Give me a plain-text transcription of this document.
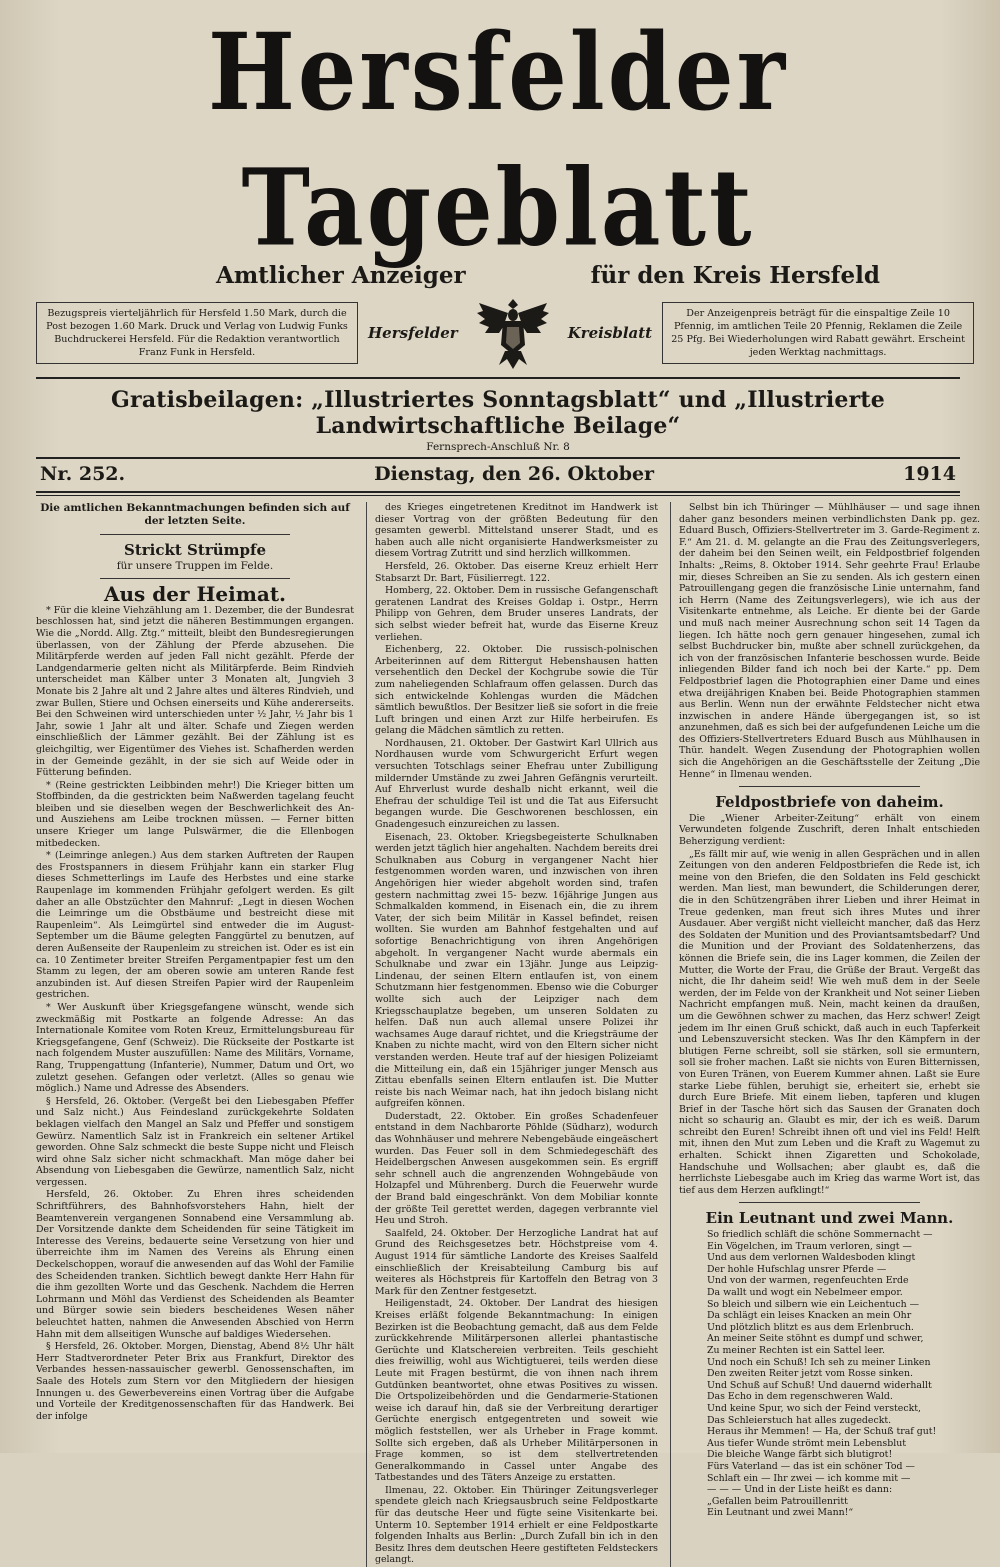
Hersfelder Tageblatt
Amtlicher Anzeiger	für den Kreis Hersfeld
Bezugspreis vierteljährlich für Hersfeld 1.50 Mark, durch die Post bezogen 1.60 Mark. Druck und Verlag von Ludwig Funks Buchdruckerei Hersfeld. Für die Redaktion verantwortlich Franz Funk in Hersfeld.
Hersfelder	Kreisblatt
Der Anzeigenpreis beträgt für die einspaltige Zeile 10 Pfennig, im amtlichen Teile 20 Pfennig, Reklamen die Zeile 25 Pfg. Bei Wiederholungen wird Rabatt gewährt. Erscheint jeden Werktag nachmittags.
Gratisbeilagen: „Illustriertes Sonntagsblatt“ und „Illustrierte Landwirtschaftliche Beilage“
Fernsprech-Anschluß Nr. 8
Nr. 252.	Dienstag, den 26. Oktober	1914

Die amtlichen Bekanntmachungen befinden sich auf der letzten Seite.

Strickt Strümpfe
für unsere Truppen im Felde.
Aus der Heimat.

* Für die kleine Viehzählung am 1. Dezember, die der Bundesrat beschlossen hat, sind jetzt die näheren Bestimmungen ergangen. Wie die „Nordd. Allg. Ztg.“ mitteilt, bleibt den Bundesregierungen überlassen, von der Zählung der Pferde abzusehen. Die Militärpferde werden auf jeden Fall nicht gezählt. Pferde der Landgendarmerie gelten nicht als Militärpferde. Beim Rindvieh unterscheidet man Kälber unter 3 Monaten alt, Jungvieh 3 Monate bis 2 Jahre alt und 2 Jahre altes und älteres Rindvieh, und zwar Bullen, Stiere und Ochsen einerseits und Kühe andererseits. Bei den Schweinen wird unterschieden unter ½ Jahr, ½ Jahr bis 1 Jahr, sowie 1 Jahr alt und älter. Schafe und Ziegen werden einschließlich der Lämmer gezählt. Bei der Zählung ist es gleichgiltig, wer Eigentümer des Viehes ist. Schafherden werden in der Gemeinde gezählt, in der sie sich auf Weide oder in Fütterung befinden.

* (Reine gestrickten Leibbinden mehr!) Die Krieger bitten um Stoffbinden, da die gestrickten beim Naßwerden tagelang feucht bleiben und sie dieselben wegen der Beschwerlichkeit des An- und Ausziehens am Leibe trocknen müssen. — Ferner bitten unsere Krieger um lange Pulswärmer, die die Ellenbogen mitbedecken.

* (Leimringe anlegen.) Aus dem starken Auftreten der Raupen des Frostspanners in diesem Frühjahr kann ein starker Flug dieses Schmetterlings im Laufe des Herbstes und eine starke Raupenlage im kommenden Frühjahr gefolgert werden. Es gilt daher an alle Obstzüchter den Mahnruf: „Legt in diesen Wochen die Leimringe um die Obstbäume und bestreicht diese mit Raupenleim“. Als Leimgürtel sind entweder die im August-September um die Bäume gelegten Fanggürtel zu benutzen, auf deren Außenseite der Raupenleim zu streichen ist. Oder es ist ein ca. 10 Zentimeter breiter Streifen Pergamentpapier fest um den Stamm zu legen, der am oberen sowie am unteren Rande fest anzubinden ist. Auf diesen Streifen Papier wird der Raupenleim gestrichen.

* Wer Auskunft über Kriegsgefangene wünscht, wende sich zweckmäßig mit Postkarte an folgende Adresse: An das Internationale Komitee vom Roten Kreuz, Ermittelungsbureau für Kriegsgefangene, Genf (Schweiz). Die Rückseite der Postkarte ist nach folgendem Muster auszufüllen: Name des Militärs, Vorname, Rang, Truppengattung (Infanterie), Nummer, Datum und Ort, wo zuletzt gesehen. Gefangen oder verletzt. (Alles so genau wie möglich.) Name und Adresse des Absenders.

§ Hersfeld, 26. Oktober. (Vergeßt bei den Liebesgaben Pfeffer und Salz nicht.) Aus Feindesland zurückgekehrte Soldaten beklagen vielfach den Mangel an Salz und Pfeffer und sonstigem Gewürz. Namentlich Salz ist in Frankreich ein seltener Artikel geworden. Ohne Salz schmeckt die beste Suppe nicht und Fleisch wird ohne Salz sicher nicht schmackhaft. Man möge daher bei Absendung von Liebesgaben die Gewürze, namentlich Salz, nicht vergessen.

Hersfeld, 26. Oktober. Zu Ehren ihres scheidenden Schriftführers, des Bahnhofsvorstehers Hahn, hielt der Beamtenverein vergangenen Sonnabend eine Versammlung ab. Der Vorsitzende dankte dem Scheidenden für seine Tätigkeit im Interesse des Vereins, bedauerte seine Versetzung von hier und überreichte ihm im Namen des Vereins als Ehrung einen Deckelschoppen, worauf die anwesenden auf das Wohl der Familie des Scheidenden tranken. Sichtlich bewegt dankte Herr Hahn für die ihm gezollten Worte und das Geschenk. Nachdem die Herren Lohrmann und Möhl das Verdienst des Scheidenden als Beamter und Bürger sowie sein bieders bescheidenes Wesen näher beleuchtet hatten, nahmen die Anwesenden Abschied von Herrn Hahn mit dem allseitigen Wunsche auf baldiges Wiedersehen.

§ Hersfeld, 26. Oktober. Morgen, Dienstag, Abend 8½ Uhr hält Herr Stadtverordneter Peter Brix aus Frankfurt, Direktor des Verbandes hessen-nassauischer gewerbl. Genossenschaften, im Saale des Hotels zum Stern vor den Mitgliedern der hiesigen Innungen u. des Gewerbevereins einen Vortrag über die Aufgabe und Vorteile der Kreditgenossenschaften für das Handwerk. Bei der infolge

des Krieges eingetretenen Kreditnot im Handwerk ist dieser Vortrag von der größten Bedeutung für den gesamten gewerbl. Mittelstand unserer Stadt, und es haben auch alle nicht organisierte Handwerksmeister zu diesem Vortrag Zutritt und sind herzlich willkommen.

Hersfeld, 26. Oktober. Das eiserne Kreuz erhielt Herr Stabsarzt Dr. Bart, Füsilierregt. 122.

Homberg, 22. Oktober. Dem in russische Gefangenschaft geratenen Landrat des Kreises Goldap i. Ostpr., Herrn Philipp von Gehren, dem Bruder unseres Landrats, der sich selbst wieder befreit hat, wurde das Eiserne Kreuz verliehen.

Eichenberg, 22. Oktober. Die russisch-polnischen Arbeiterinnen auf dem Rittergut Hebenshausen hatten versehentlich den Deckel der Kochgrube sowie die Tür zum naheliegenden Schlafraum offen gelassen. Durch das sich entwickelnde Kohlengas wurden die Mädchen sämtlich bewußtlos. Der Besitzer ließ sie sofort in die freie Luft bringen und einen Arzt zur Hilfe herbeirufen. Es gelang die Mädchen sämtlich zu retten.

Nordhausen, 21. Oktober. Der Gastwirt Karl Ullrich aus Nordhausen wurde vom Schwurgericht Erfurt wegen versuchten Totschlags seiner Ehefrau unter Zubilligung mildernder Umstände zu zwei Jahren Gefängnis verurteilt. Auf Ehrverlust wurde deshalb nicht erkannt, weil die Ehefrau der schuldige Teil ist und die Tat aus Eifersucht begangen wurde. Die Geschworenen beschlossen, ein Gnadengesuch einzureichen zu lassen.

Eisenach, 23. Oktober. Kriegsbegeisterte Schulknaben werden jetzt täglich hier angehalten. Nachdem bereits drei Schulknaben aus Coburg in vergangener Nacht hier festgenommen worden waren, und inzwischen von ihren Angehörigen hier wieder abgeholt worden sind, trafen gestern nachmittag zwei 15- bezw. 16jährige Jungen aus Schmalkalden kommend, in Eisenach ein, die zu ihrem Vater, der sich beim Militär in Kassel befindet, reisen wollten. Sie wurden am Bahnhof festgehalten und auf sofortige Benachrichtigung von ihren Angehörigen abgeholt. In vergangener Nacht wurde abermals ein Schulknabe und zwar ein 13jähr. Junge aus Leipzig-Lindenau, der seinen Eltern entlaufen ist, von einem Schutzmann hier festgenommen. Ebenso wie die Coburger wollte sich auch der Leipziger nach dem Kriegsschauplatze begeben, um unseren Soldaten zu helfen. Daß nun auch allemal unsere Polizei ihr wachsames Auge darauf richtet, und die Kriegsträume der Knaben zu nichte macht, wird von den Eltern sicher nicht verstanden werden. Heute traf auf der hiesigen Polizeiamt die Mitteilung ein, daß ein 15jähriger junger Mensch aus Zittau ebenfalls seinen Eltern entlaufen ist. Die Mutter reiste bis nach Weimar nach, hat ihn jedoch bislang nicht aufgreifen können.

Duderstadt, 22. Oktober. Ein großes Schadenfeuer entstand in dem Nachbarorte Pöhlde (Südharz), wodurch das Wohnhäuser und mehrere Nebengebäude eingeäschert wurden. Das Feuer soll in dem Schmiedegeschäft des Heidelbergschen Anwesen ausgekommen sein. Es ergriff sehr schnell auch die angrenzenden Wohngebäude von Holzapfel und Mührenberg. Durch die Feuerwehr wurde der Brand bald eingeschränkt. Von dem Mobiliar konnte der größte Teil gerettet werden, dagegen verbrannte viel Heu und Stroh.

Saalfeld, 24. Oktober. Der Herzogliche Landrat hat auf Grund des Reichsgesetzes betr. Höchstpreise vom 4. August 1914 für sämtliche Landorte des Kreises Saalfeld einschließlich der Kreisabteilung Camburg bis auf weiteres als Höchstpreis für Kartoffeln den Betrag von 3 Mark für den Zentner festgesetzt.

Heiligenstadt, 24. Oktober. Der Landrat des hiesigen Kreises erläßt folgende Bekanntmachung: In einigen Bezirken ist die Beobachtung gemacht, daß aus dem Felde zurückkehrende Militärpersonen allerlei phantastische Gerüchte und Klatschereien verbreiten. Teils geschieht dies freiwillig, wohl aus Wichtigtuerei, teils werden diese Leute mit Fragen bestürmt, die von ihnen nach ihrem Gutdünken beantwortet, ohne etwas Positives zu wissen. Die Ortspolizeibehörden und die Gendarmerie-Stationen weise ich darauf hin, daß sie der Verbreitung derartiger Gerüchte energisch entgegentreten und soweit wie möglich feststellen, wer als Urheber in Frage kommt. Sollte sich ergeben, daß als Urheber Militärpersonen in Frage kommen, so ist dem stellvertretenden Generalkommando in Cassel unter Angabe des Tatbestandes und des Täters Anzeige zu erstatten.

Ilmenau, 22. Oktober. Ein Thüringer Zeitungsverleger spendete gleich nach Kriegsausbruch seine Feldpostkarte für das deutsche Heer und fügte seine Visitenkarte bei. Unterm 10. September 1914 erhielt er eine Feldpostkarte folgenden Inhalts aus Berlin: „Durch Zufall bin ich in den Besitz Ihres dem deutschen Heere gestifteten Feldsteckers gelangt.

Selbst bin ich Thüringer — Mühlhäuser — und sage ihnen daher ganz besonders meinen verbindlichsten Dank pp. gez. Eduard Busch, Offiziers-Stellvertreter im 3. Garde-Regiment z. F.“ Am 21. d. M. gelangte an die Frau des Zeitungsverlegers, der daheim bei den Seinen weilt, ein Feldpostbrief folgenden Inhalts: „Reims, 8. Oktober 1914. Sehr geehrte Frau! Erlaube mir, dieses Schreiben an Sie zu senden. Als ich gestern einen Patrouillengang gegen die französische Linie unternahm, fand ich Herrn (Name des Zeitungsverlegers), wie ich aus der Visitenkarte entnehme, als Leiche. Er diente bei der Garde und muß nach meiner Ausrechnung schon seit 14 Tagen da liegen. Ich hätte noch gern genauer hingesehen, zumal ich selbst Buchdrucker bin, mußte aber schnell zurückgehen, da ich von der französischen Infanterie beschossen wurde. Beide inliegenden Bilder fand ich noch bei der Karte.“ pp. Dem Feldpostbrief lagen die Photographien einer Dame und eines etwa dreijährigen Knaben bei. Beide Photographien stammen aus Berlin. Wenn nun der erwähnte Feldstecher nicht etwa inzwischen in andere Hände übergegangen ist, so ist anzunehmen, daß es sich bei der aufgefundenen Leiche um die des Offiziers-Stellvertreters Eduard Busch aus Mühlhausen in Thür. handelt. Wegen Zusendung der Photographien wollen sich die Angehörigen an die Geschäftsstelle der Zeitung „Die Henne“ in Ilmenau wenden.

Feldpostbriefe von daheim.

Die „Wiener Arbeiter-Zeitung“ erhält von einem Verwundeten folgende Zuschrift, deren Inhalt entschieden Beherzigung verdient:

„Es fällt mir auf, wie wenig in allen Gesprächen und in allen Zeitungen von den anderen Feldpostbriefen die Rede ist, ich meine von den Briefen, die den Soldaten ins Feld geschickt werden. Man liest, man bewundert, die Schilderungen derer, die in den Schützengräben ihrer Lieben und ihrer Heimat in Treue gedenken, man freut sich ihres Mutes und ihrer Ausdauer. Aber vergißt nicht vielleicht mancher, daß das Herz des Soldaten der Munition und des Proviantsamtsbedarf? Und die Munition und der Proviant des Soldatenherzens, das können die Briefe sein, die ins Lager kommen, die Zeilen der Mutter, die Worte der Frau, die Grüße der Braut. Vergeßt das nicht, die Ihr daheim seid! Wie weh muß dem in der Seele werden, der im Felde von der Krankheit und Not seiner Lieben Nachricht empfangen muß. Nein, macht keinen da draußen, um die Gewöhnen schwer zu machen, das Herz schwer! Zeigt jedem im Ihr einen Gruß schickt, daß auch in euch Tapferkeit und Lebenszuversicht stecken. Was Ihr den Kämpfern in der blutigen Ferne schreibt, soll sie stärken, soll sie ermuntern, soll sie froher machen. Laßt sie nichts von Euren Bitternissen, von Euren Tränen, von Euerem Kummer ahnen. Laßt sie Eure starke Liebe fühlen, beruhigt sie, erheitert sie, erhebt sie durch Eure Briefe. Mit einem lieben, tapferen und klugen Brief in der Tasche hört sich das Sausen der Granaten doch nicht so schaurig an. Glaubt es mir, der ich es weiß. Darum schreibt den Euren! Schreibt ihnen oft und viel ins Feld! Helft mit, ihnen den Mut zum Leben und die Kraft zu Wagemut zu erhalten. Schickt ihnen Zigaretten und Schokolade, Handschuhe und Wollsachen; aber glaubt es, daß die herrlichste Liebesgabe auch im Krieg das warme Wort ist, das tief aus dem Herzen aufklingt!“

Ein Leutnant und zwei Mann.

So friedlich schläft die schöne Sommernacht —

Ein Vögelchen, im Traum verloren, singt —

Und aus dem verlornen Waldesboden klingt

Der hohle Hufschlag unsrer Pferde —

Und von der warmen, regenfeuchten Erde

Da wallt und wogt ein Nebelmeer empor.

So bleich und silbern wie ein Leichentuch —

Da schlägt ein leises Knacken an mein Ohr

Und plötzlich blitzt es aus dem Erlenbruch.

An meiner Seite stöhnt es dumpf und schwer,

Zu meiner Rechten ist ein Sattel leer.

Und noch ein Schuß! Ich seh zu meiner Linken

Den zweiten Reiter jetzt vom Rosse sinken.

Und Schuß auf Schuß! Und dauernd widerhallt

Das Echo in dem regenschweren Wald.

Und keine Spur, wo sich der Feind versteckt,

Das Schleierstuch hat alles zugedeckt.

Heraus ihr Memmen! — Ha, der Schuß traf gut!

Aus tiefer Wunde strömt mein Lebensblut

Die bleiche Wange färbt sich blutigrot!

Fürs Vaterland — das ist ein schöner Tod —

Schlaft ein — Ihr zwei — ich komme mit —

— — — Und in der Liste heißt es dann:

„Gefallen beim Patrouillenritt

Ein Leutnant und zwei Mann!“
